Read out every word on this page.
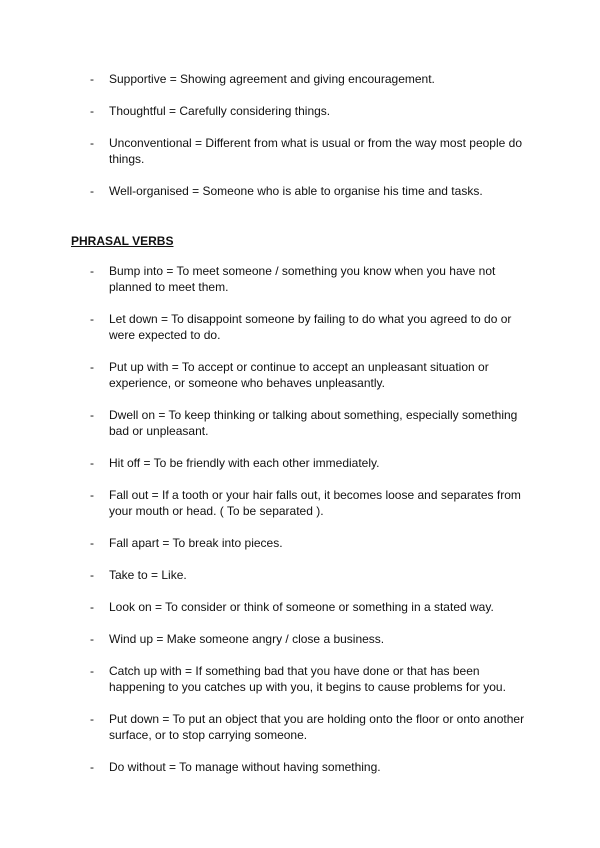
- Supportive = Showing agreement and giving encouragement.
- Thoughtful = Carefully considering things.
- Unconventional = Different from what is usual or from the way most people do things.
- Well-organised = Someone who is able to organise his time and tasks.
PHRASAL VERBS
- Bump into = To meet someone / something you know when you have not planned to meet them.
- Let down = To disappoint someone by failing to do what you agreed to do or were expected to do.
- Put up with = To accept or continue to accept an unpleasant situation or experience, or someone who behaves unpleasantly.
- Dwell on = To keep thinking or talking about something, especially something bad or unpleasant.
- Hit off = To be friendly with each other immediately.
- Fall out = If a tooth or your hair falls out, it becomes loose and separates from your mouth or head. ( To be separated ).
- Fall apart = To break into pieces.
- Take to = Like.
- Look on = To consider or think of someone or something in a stated way.
- Wind up = Make someone angry / close a business.
- Catch up with = If something bad that you have done or that has been happening to you catches up with you, it begins to cause problems for you.
- Put down = To put an object that you are holding onto the floor or onto another surface, or to stop carrying someone.
- Do without = To manage without having something.
